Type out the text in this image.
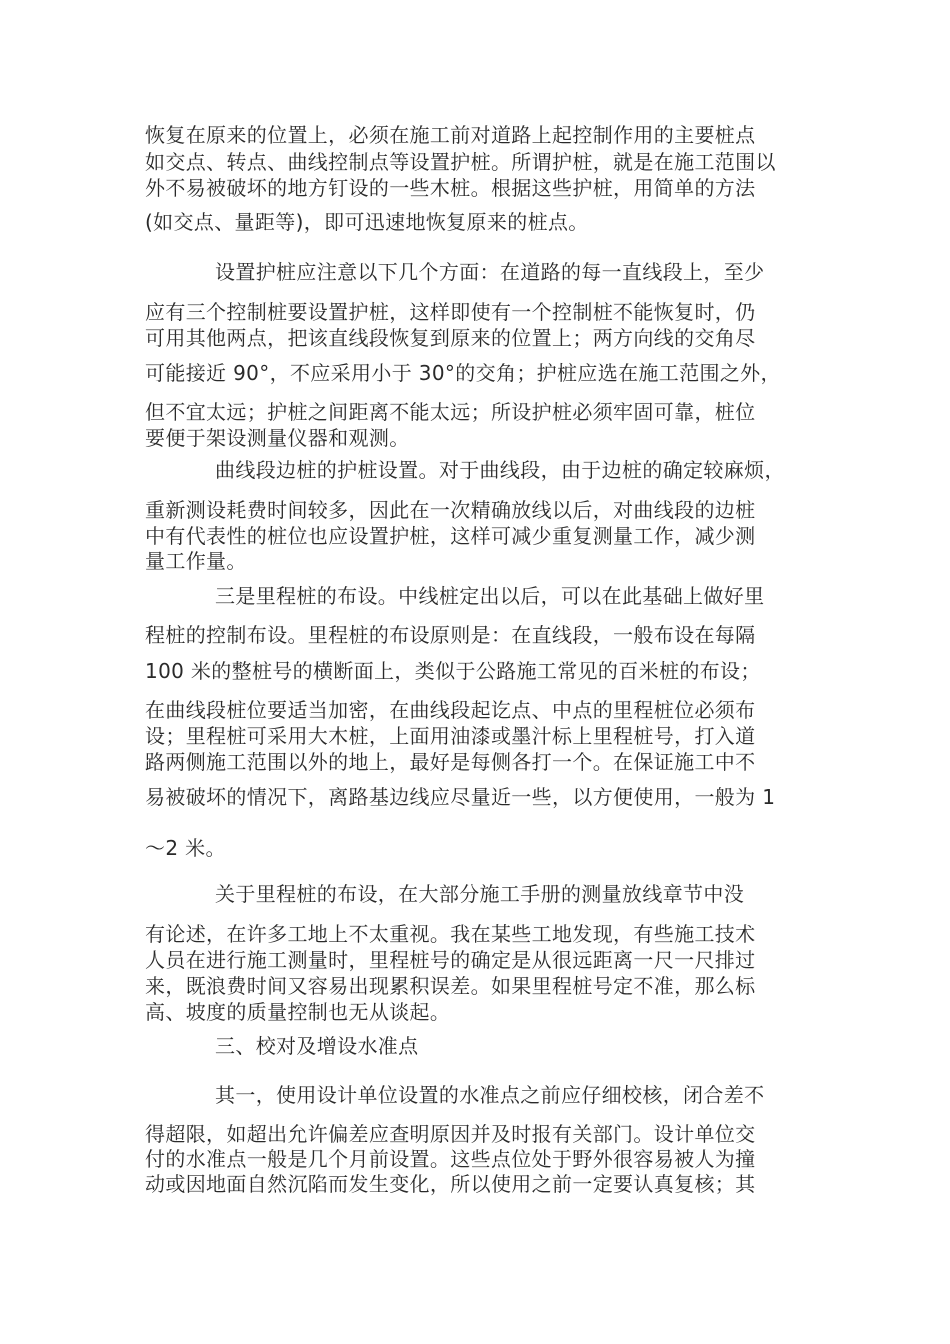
恢复在原来的位置上，必须在施工前对道路上起控制作用的主要桩点
如交点、转点、曲线控制点等设置护桩。所谓护桩，就是在施工范围以
外不易被破坏的地方钉设的一些木桩。根据这些护桩，用简单的方法
(如交点、量距等)，即可迅速地恢复原来的桩点。
设置护桩应注意以下几个方面：在道路的每一直线段上，至少
应有三个控制桩要设置护桩，这样即使有一个控制桩不能恢复时，仍
可用其他两点，把该直线段恢复到原来的位置上；两方向线的交角尽
可能接近 90°，不应采用小于 30°的交角；护桩应选在施工范围之外，
但不宜太远；护桩之间距离不能太远；所设护桩必须牢固可靠，桩位
要便于架设测量仪器和观测。
曲线段边桩的护桩设置。对于曲线段，由于边桩的确定较麻烦，
重新测设耗费时间较多，因此在一次精确放线以后，对曲线段的边桩
中有代表性的桩位也应设置护桩，这样可减少重复测量工作，减少测
量工作量。
三是里程桩的布设。中线桩定出以后，可以在此基础上做好里
程桩的控制布设。里程桩的布设原则是：在直线段，一般布设在每隔
100 米的整桩号的横断面上，类似于公路施工常见的百米桩的布设；
在曲线段桩位要适当加密，在曲线段起讫点、中点的里程桩位必须布
设；里程桩可采用大木桩，上面用油漆或墨汁标上里程桩号，打入道
路两侧施工范围以外的地上，最好是每侧各打一个。在保证施工中不
易被破坏的情况下，离路基边线应尽量近一些，以方便使用，一般为 1
～2 米。
关于里程桩的布设，在大部分施工手册的测量放线章节中没
有论述，在许多工地上不太重视。我在某些工地发现，有些施工技术
人员在进行施工测量时，里程桩号的确定是从很远距离一尺一尺排过
来，既浪费时间又容易出现累积误差。如果里程桩号定不准，那么标
高、坡度的质量控制也无从谈起。
三、校对及增设水准点
其一，使用设计单位设置的水准点之前应仔细校核，闭合差不
得超限，如超出允许偏差应查明原因并及时报有关部门。设计单位交
付的水准点一般是几个月前设置。这些点位处于野外很容易被人为撞
动或因地面自然沉陷而发生变化，所以使用之前一定要认真复核；其
